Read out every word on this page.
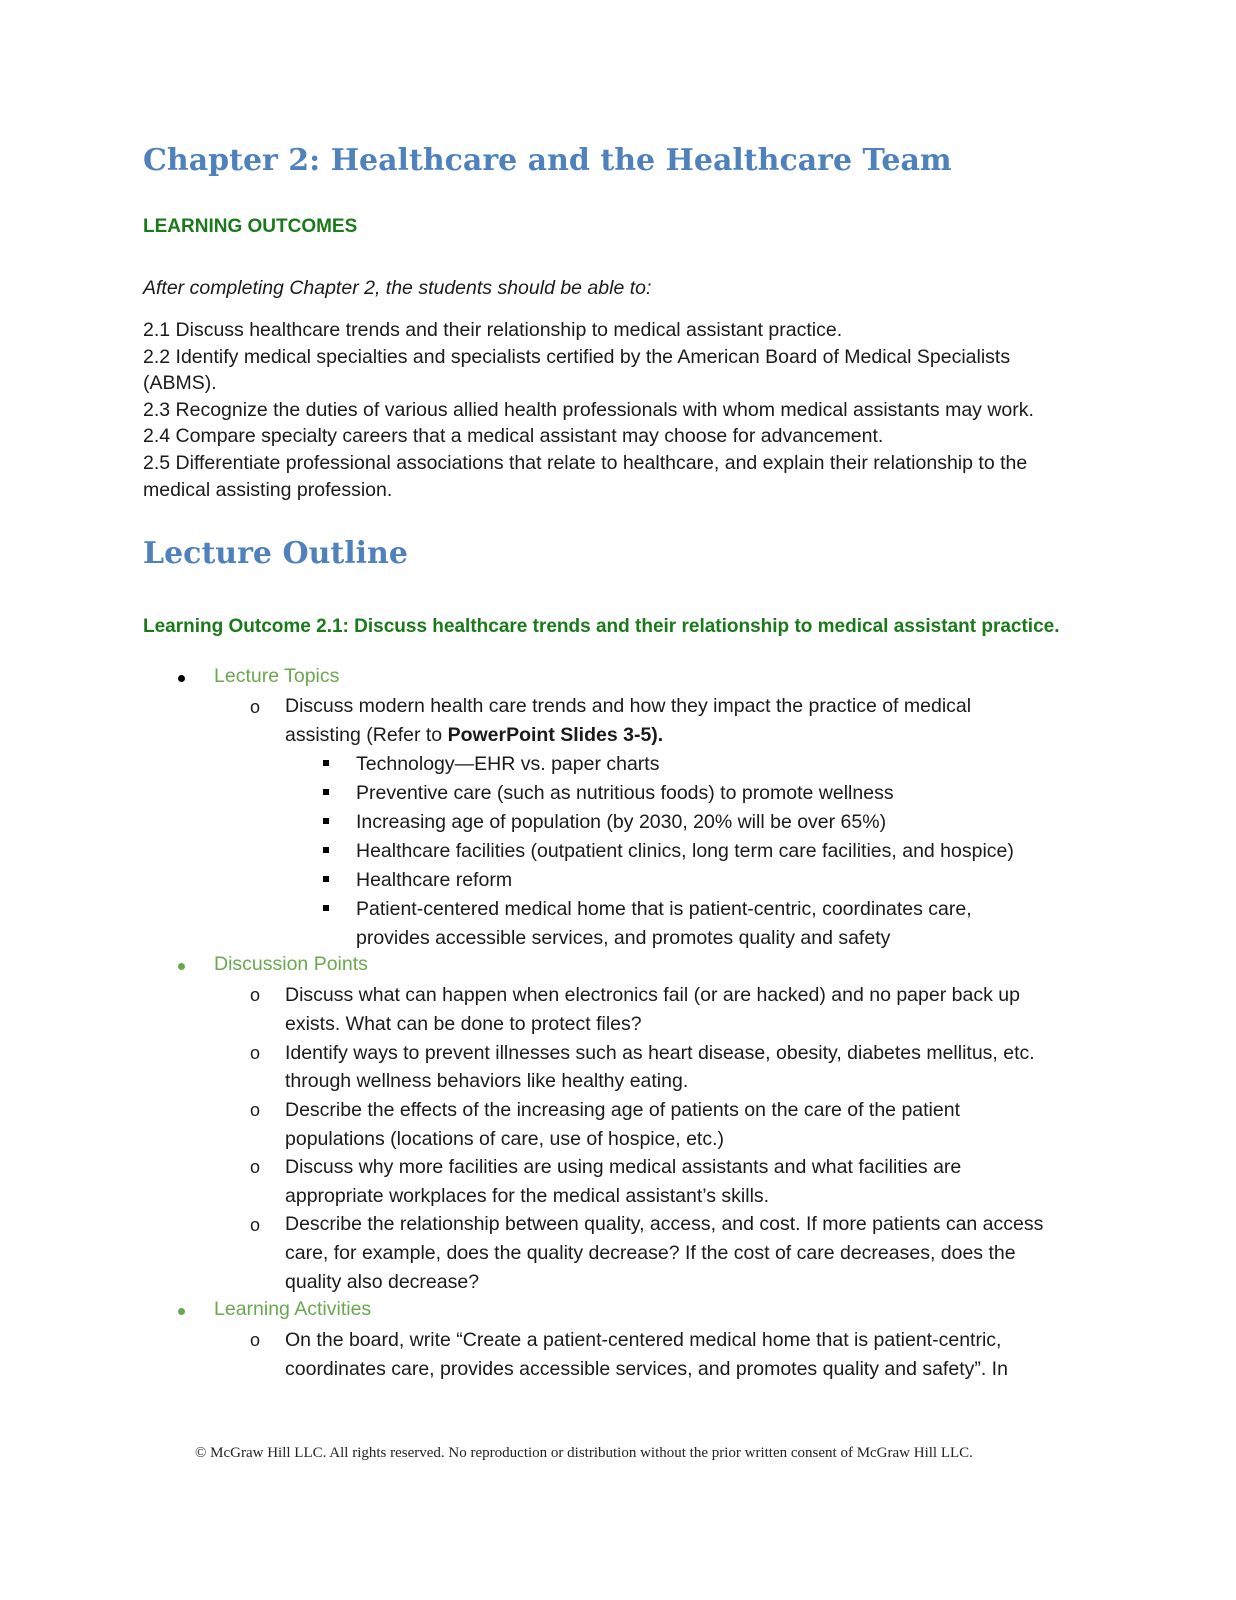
Chapter 2: Healthcare and the Healthcare Team
LEARNING OUTCOMES
After completing Chapter 2, the students should be able to:
2.1 Discuss healthcare trends and their relationship to medical assistant practice.
2.2 Identify medical specialties and specialists certified by the American Board of Medical Specialists (ABMS).
2.3 Recognize the duties of various allied health professionals with whom medical assistants may work.
2.4 Compare specialty careers that a medical assistant may choose for advancement.
2.5 Differentiate professional associations that relate to healthcare, and explain their relationship to the medical assisting profession.
Lecture Outline
Learning Outcome 2.1: Discuss healthcare trends and their relationship to medical assistant practice.
Lecture Topics
o Discuss modern health care trends and how they impact the practice of medical
assisting (Refer to PowerPoint Slides 3-5).
Technology—EHR vs. paper charts
Preventive care (such as nutritious foods) to promote wellness
Increasing age of population (by 2030, 20% will be over 65%)
Healthcare facilities (outpatient clinics, long term care facilities, and hospice)
Healthcare reform
Patient-centered medical home that is patient-centric, coordinates care,
provides accessible services, and promotes quality and safety
Discussion Points
o Discuss what can happen when electronics fail (or are hacked) and no paper back up
exists. What can be done to protect files?
o Identify ways to prevent illnesses such as heart disease, obesity, diabetes mellitus, etc.
through wellness behaviors like healthy eating.
o Describe the effects of the increasing age of patients on the care of the patient
populations (locations of care, use of hospice, etc.)
o Discuss why more facilities are using medical assistants and what facilities are
appropriate workplaces for the medical assistant’s skills.
o Describe the relationship between quality, access, and cost. If more patients can access
care, for example, does the quality decrease? If the cost of care decreases, does the
quality also decrease?
Learning Activities
o On the board, write “Create a patient-centered medical home that is patient-centric,
coordinates care, provides accessible services, and promotes quality and safety”. In
© McGraw Hill LLC. All rights reserved. No reproduction or distribution without the prior written consent of McGraw Hill LLC.
